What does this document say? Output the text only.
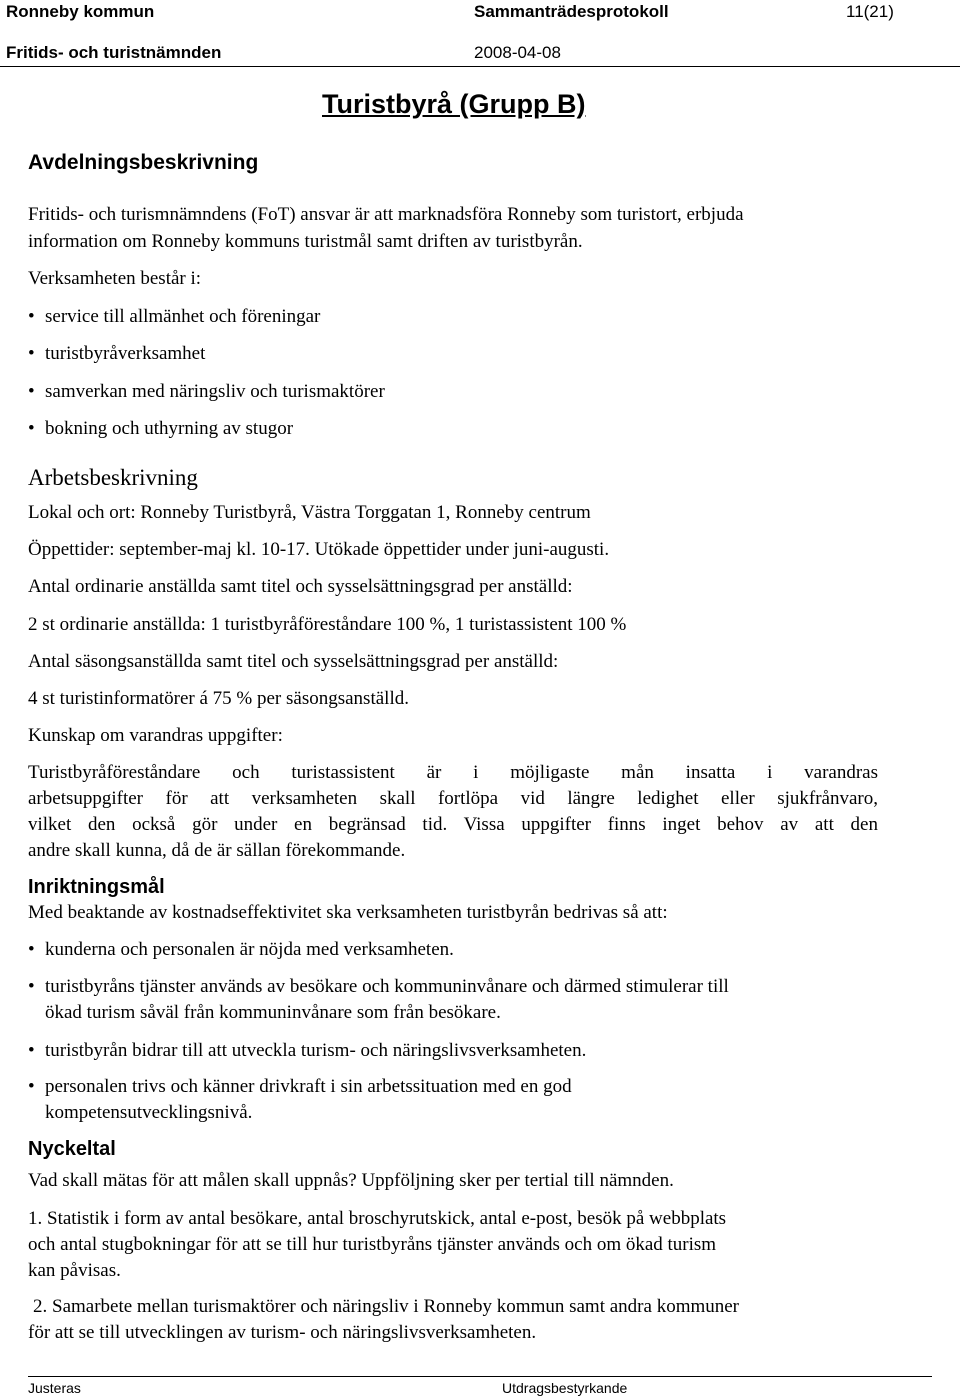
Ronneby kommun	Sammanträdesprotokoll	11(21)
Fritids- och turistnämnden	2008-04-08
Turistbyrå (Grupp B)
Avdelningsbeskrivning
Fritids- och turismnämndens (FoT) ansvar är att marknadsföra Ronneby som turistort, erbjuda
information om Ronneby kommuns turistmål samt driften av turistbyrån.
Verksamheten består i:
• service till allmänhet och föreningar
• turistbyråverksamhet
• samverkan med näringsliv och turismaktörer
• bokning och uthyrning av stugor
Arbetsbeskrivning
Lokal och ort: Ronneby Turistbyrå, Västra Torggatan 1, Ronneby centrum
Öppettider: september-maj kl. 10-17. Utökade öppettider under juni-augusti.
Antal ordinarie anställda samt titel och sysselsättningsgrad per anställd:
2 st ordinarie anställda: 1 turistbyråföreståndare 100 %, 1 turistassistent 100 %
Antal säsongsanställda samt titel och sysselsättningsgrad per anställd:
4 st turistinformatörer á 75 % per säsongsanställd.
Kunskap om varandras uppgifter:
Turistbyråföreståndare och turistassistent är i möjligaste mån insatta i varandras
arbetsuppgifter för att verksamheten skall fortlöpa vid längre ledighet eller sjukfrånvaro,
vilket den också gör under en begränsad tid. Vissa uppgifter finns inget behov av att den
andre skall kunna, då de är sällan förekommande.
Inriktningsmål
Med beaktande av kostnadseffektivitet ska verksamheten turistbyrån bedrivas så att:
• kunderna och personalen är nöjda med verksamheten.
• turistbyråns tjänster används av besökare och kommuninvånare och därmed stimulerar till
ökad turism såväl från kommuninvånare som från besökare.
• turistbyrån bidrar till att utveckla turism- och näringslivsverksamheten.
• personalen trivs och känner drivkraft i sin arbetssituation med en god
kompetensutvecklingsnivå.
Nyckeltal
Vad skall mätas för att målen skall uppnås? Uppföljning sker per tertial till nämnden.
1. Statistik i form av antal besökare, antal broschyrutskick, antal e-post, besök på webbplats
och antal stugbokningar för att se till hur turistbyråns tjänster används och om ökad turism
kan påvisas.
2. Samarbete mellan turismaktörer och näringsliv i Ronneby kommun samt andra kommuner
för att se till utvecklingen av turism- och näringslivsverksamheten.
Justeras	Utdragsbestyrkande
